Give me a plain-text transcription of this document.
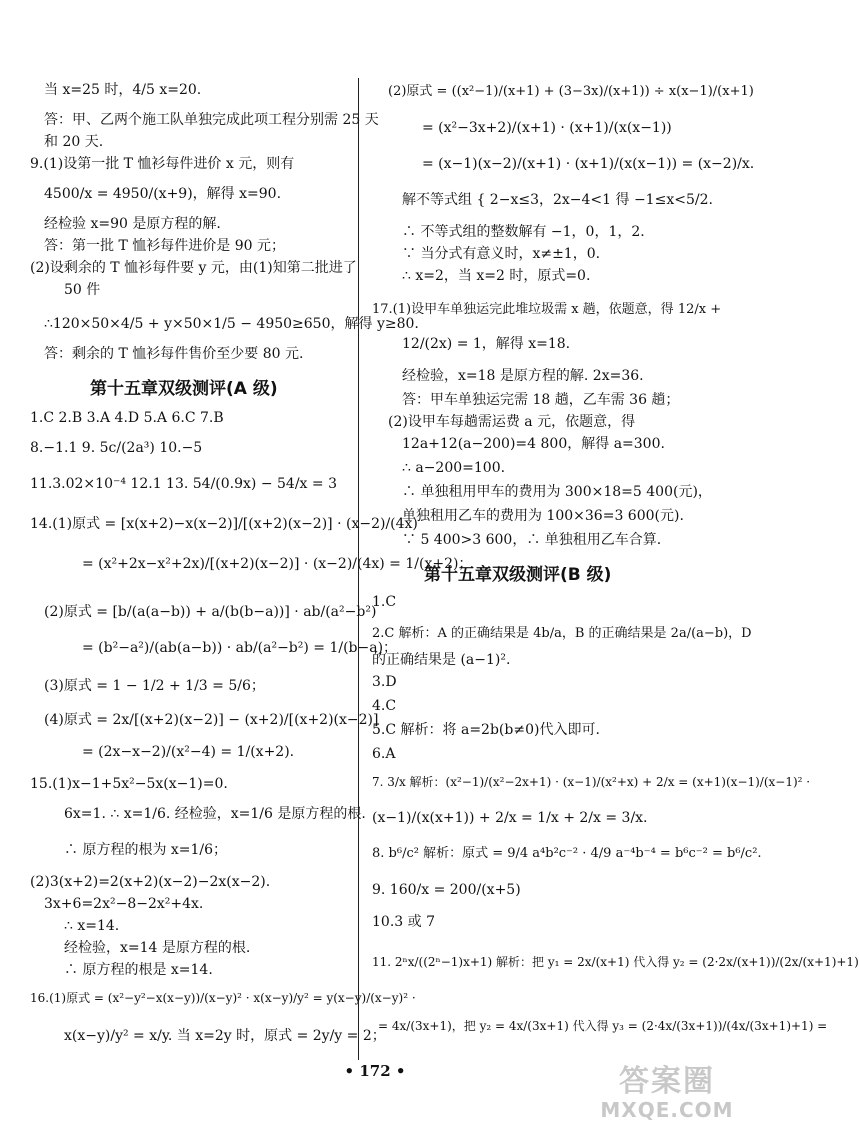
当 x=25 时，4/5 x=20.
答：甲、乙两个施工队单独完成此项工程分别需 25 天
和 20 天.
9.(1)设第一批 T 恤衫每件进价 x 元，则有
4500/x = 4950/(x+9)，解得 x=90.
经检验 x=90 是原方程的解.
答：第一批 T 恤衫每件进价是 90 元；
(2)设剩余的 T 恤衫每件要 y 元，由(1)知第二批进了
50 件
∴120×50×4/5 + y×50×1/5 − 4950≥650，解得 y≥80.
答：剩余的 T 恤衫每件售价至少要 80 元.
第十五章双级测评(A 级)
1.C 2.B 3.A 4.D 5.A 6.C 7.B
8.−1.1 9. 5c/(2a³) 10.−5
11.3.02×10⁻⁴ 12.1 13. 54/(0.9x) − 54/x = 3
14.(1)原式 = [x(x+2)−x(x−2)]/[(x+2)(x−2)] · (x−2)/(4x)
= (x²+2x−x²+2x)/[(x+2)(x−2)] · (x−2)/(4x) = 1/(x+2)；
(2)原式 = [b/(a(a−b)) + a/(b(b−a))] · ab/(a²−b²)
= (b²−a²)/(ab(a−b)) · ab/(a²−b²) = 1/(b−a)；
(3)原式 = 1 − 1/2 + 1/3 = 5/6；
(4)原式 = 2x/[(x+2)(x−2)] − (x+2)/[(x+2)(x−2)]
= (2x−x−2)/(x²−4) = 1/(x+2).
15.(1)x−1+5x²−5x(x−1)=0.
6x=1. ∴ x=1/6. 经检验，x=1/6 是原方程的根.
∴ 原方程的根为 x=1/6；
(2)3(x+2)=2(x+2)(x−2)−2x(x−2).
3x+6=2x²−8−2x²+4x.
∴ x=14.
经检验，x=14 是原方程的根.
∴ 原方程的根是 x=14.
16.(1)原式 = (x²−y²−x(x−y))/(x−y)² · x(x−y)/y² = y(x−y)/(x−y)² ·
x(x−y)/y² = x/y. 当 x=2y 时，原式 = 2y/y = 2；
(2)原式 = ((x²−1)/(x+1) + (3−3x)/(x+1)) ÷ x(x−1)/(x+1)
= (x²−3x+2)/(x+1) · (x+1)/(x(x−1))
= (x−1)(x−2)/(x+1) · (x+1)/(x(x−1)) = (x−2)/x.
解不等式组 { 2−x≤3，2x−4<1 得 −1≤x<5/2.
∴ 不等式组的整数解有 −1，0，1，2.
∵ 当分式有意义时，x≠±1，0.
∴ x=2，当 x=2 时，原式=0.
17.(1)设甲车单独运完此堆垃圾需 x 趟，依题意，得 12/x +
12/(2x) = 1，解得 x=18.
经检验，x=18 是原方程的解. 2x=36.
答：甲车单独运完需 18 趟，乙车需 36 趟；
(2)设甲车每趟需运费 a 元，依题意，得
12a+12(a−200)=4 800，解得 a=300.
∴ a−200=100.
∴ 单独租用甲车的费用为 300×18=5 400(元)，
单独租用乙车的费用为 100×36=3 600(元).
∵ 5 400>3 600，∴ 单独租用乙车合算.
第十五章双级测评(B 级)
1.C
2.C 解析：A 的正确结果是 4b/a，B 的正确结果是 2a/(a−b)，D
的正确结果是 (a−1)².
3.D
4.C
5.C 解析：将 a=2b(b≠0)代入即可.
6.A
7. 3/x 解析：(x²−1)/(x²−2x+1) · (x−1)/(x²+x) + 2/x = (x+1)(x−1)/(x−1)² ·
(x−1)/(x(x+1)) + 2/x = 1/x + 2/x = 3/x.
8. b⁶/c² 解析：原式 = 9/4 a⁴b²c⁻² · 4/9 a⁻⁴b⁻⁴ = b⁶c⁻² = b⁶/c².
9. 160/x = 200/(x+5)
10.3 或 7
11. 2ⁿx/((2ⁿ−1)x+1) 解析：把 y₁ = 2x/(x+1) 代入得 y₂ = (2·2x/(x+1))/(2x/(x+1)+1)
= 4x/(3x+1)，把 y₂ = 4x/(3x+1) 代入得 y₃ = (2·4x/(3x+1))/(4x/(3x+1)+1) =
• 172 •	答案圈
MXQE.COM
